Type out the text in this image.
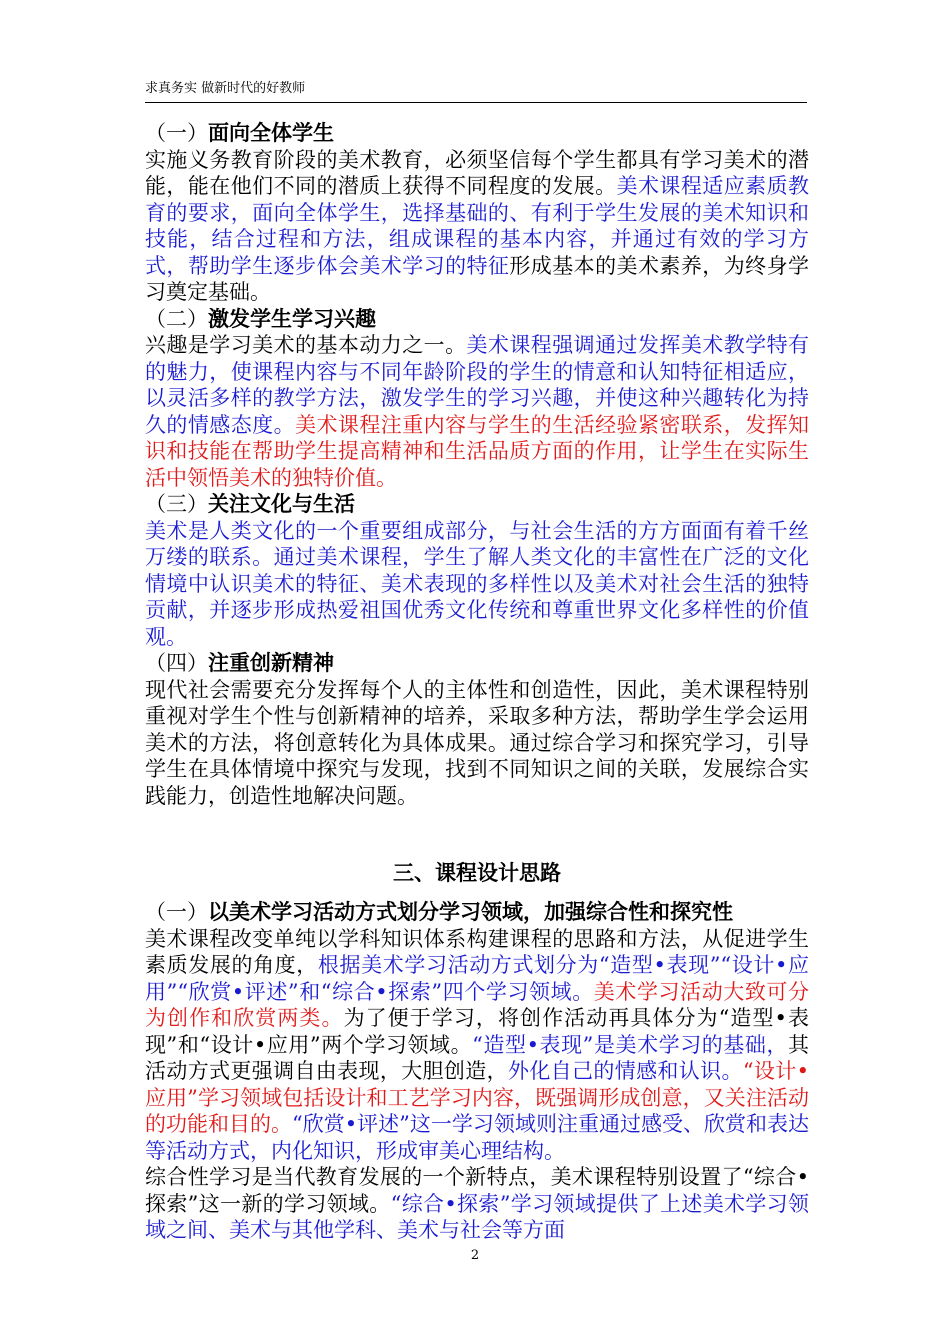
求真务实 做新时代的好教师

（一）面向全体学生

实施义务教育阶段的美术教育，必须坚信每个学生都具有学习美术的潜能，能在他们不同的潜质上获得不同程度的发展。美术课程适应素质教育的要求，面向全体学生，选择基础的、有利于学生发展的美术知识和技能，结合过程和方法，组成课程的基本内容，并通过有效的学习方式，帮助学生逐步体会美术学习的特征形成基本的美术素养，为终身学习奠定基础。

（二）激发学生学习兴趣

兴趣是学习美术的基本动力之一。美术课程强调通过发挥美术教学特有的魅力，使课程内容与不同年龄阶段的学生的情意和认知特征相适应，以灵活多样的教学方法，激发学生的学习兴趣，并使这种兴趣转化为持久的情感态度。美术课程注重内容与学生的生活经验紧密联系，发挥知识和技能在帮助学生提高精神和生活品质方面的作用，让学生在实际生活中领悟美术的独特价值。

（三）关注文化与生活

美术是人类文化的一个重要组成部分，与社会生活的方方面面有着千丝万缕的联系。通过美术课程，学生了解人类文化的丰富性在广泛的文化情境中认识美术的特征、美术表现的多样性以及美术对社会生活的独特贡献，并逐步形成热爱祖国优秀文化传统和尊重世界文化多样性的价值观。

（四）注重创新精神

现代社会需要充分发挥每个人的主体性和创造性，因此，美术课程特别重视对学生个性与创新精神的培养，采取多种方法，帮助学生学会运用美术的方法，将创意转化为具体成果。通过综合学习和探究学习，引导学生在具体情境中探究与发现，找到不同知识之间的关联，发展综合实践能力，创造性地解决问题。

三、课程设计思路

（一）以美术学习活动方式划分学习领域，加强综合性和探究性

美术课程改变单纯以学科知识体系构建课程的思路和方法，从促进学生素质发展的角度，根据美术学习活动方式划分为“造型•表现”“设计•应用”“欣赏•评述”和“综合•探索”四个学习领域。美术学习活动大致可分为创作和欣赏两类。为了便于学习，将创作活动再具体分为“造型•表现”和“设计•应用”两个学习领域。“造型•表现”是美术学习的基础，其活动方式更强调自由表现，大胆创造，外化自己的情感和认识。“设计•应用”学习领域包括设计和工艺学习内容，既强调形成创意，又关注活动的功能和目的。“欣赏•评述”这一学习领域则注重通过感受、欣赏和表达等活动方式，内化知识，形成审美心理结构。

综合性学习是当代教育发展的一个新特点，美术课程特别设置了“综合•探索”这一新的学习领域。“综合•探索”学习领域提供了上述美术学习领域之间、美术与其他学科、美术与社会等方面

2
